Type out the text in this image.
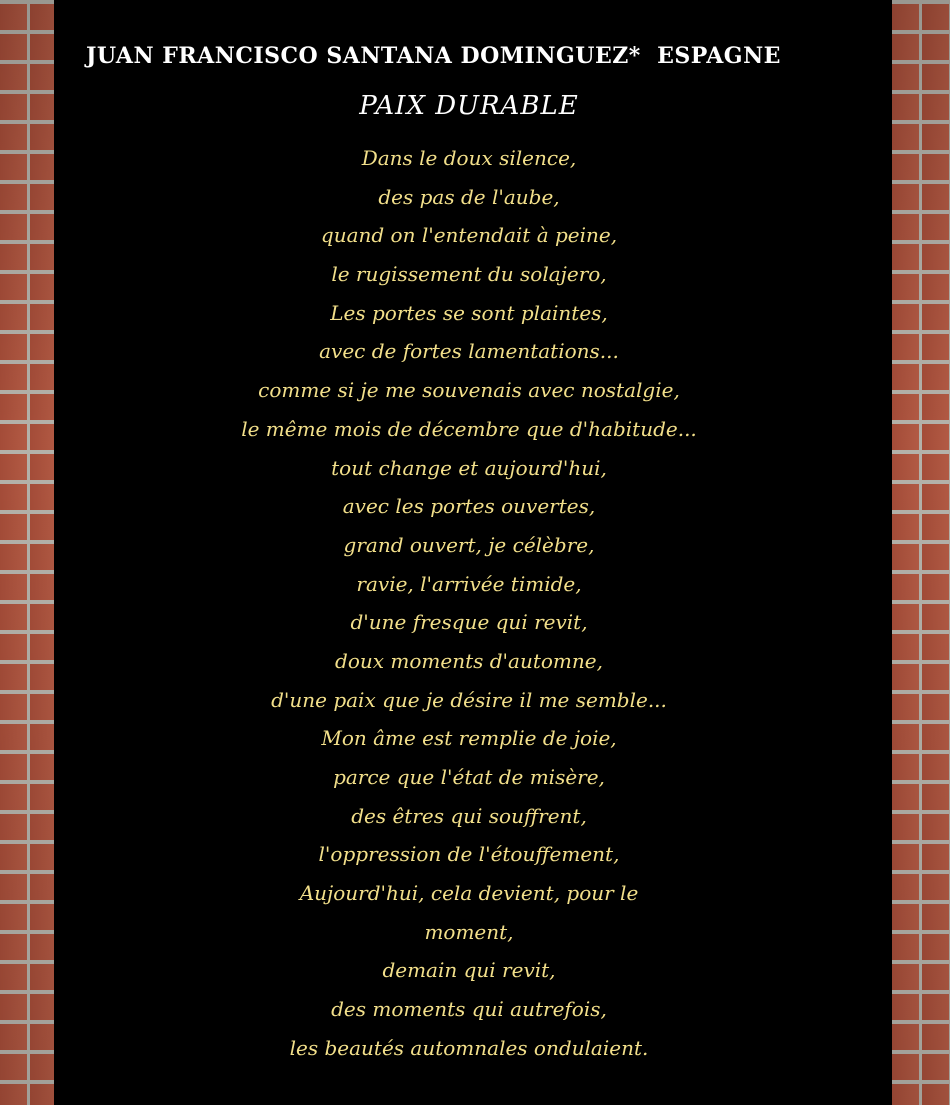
JUAN FRANCISCO SANTANA DOMINGUEZ*  ESPAGNE
PAIX DURABLE
Dans le doux silence,
des pas de l'aube,
quand on l'entendait à peine,
le rugissement du solajero,
Les portes se sont plaintes,
avec de fortes lamentations...
comme si je me souvenais avec nostalgie,
le même mois de décembre que d'habitude...
tout change et aujourd'hui,
avec les portes ouvertes,
grand ouvert, je célèbre,
ravie, l'arrivée timide,
d'une fresque qui revit,
doux moments d'automne,
d'une paix que je désire il me semble...
Mon âme est remplie de joie,
parce que l'état de misère,
des êtres qui souffrent,
l'oppression de l'étouffement,
Aujourd'hui, cela devient, pour le
moment,
demain qui revit,
des moments qui autrefois,
les beautés automnales ondulaient.
